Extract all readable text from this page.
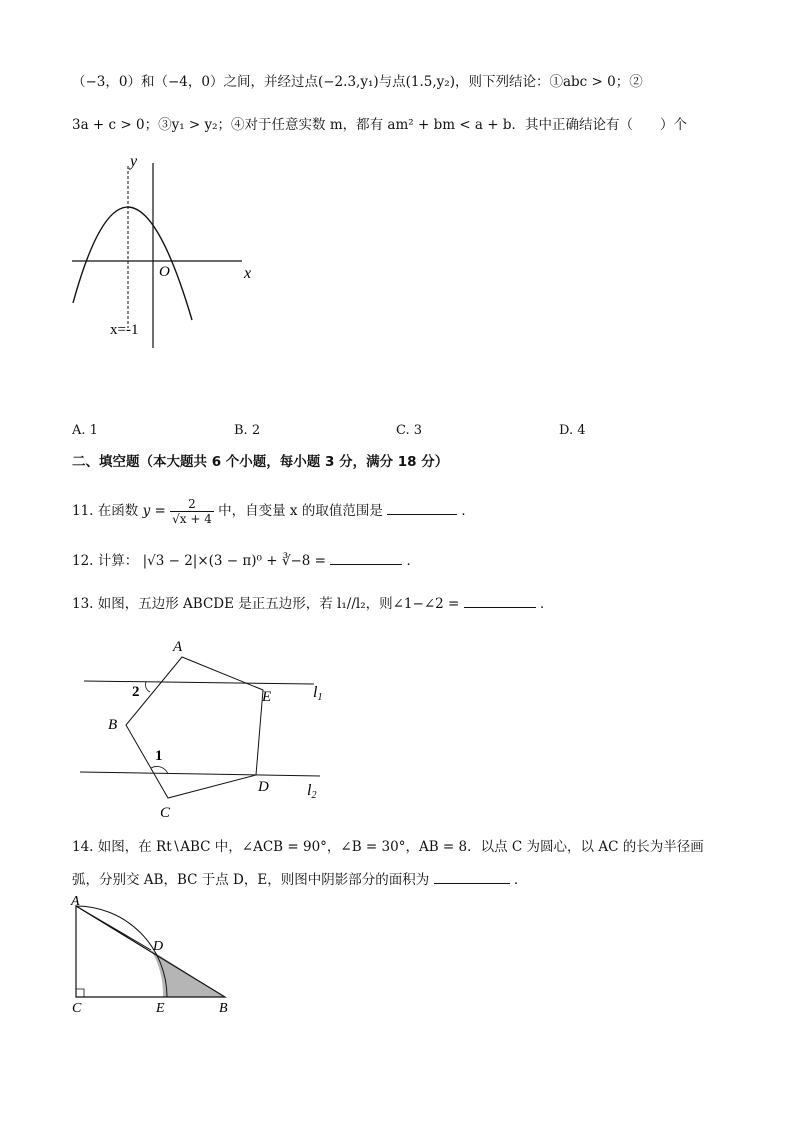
（−3，0）和（−4，0）之间，并经过点(−2.3,y₁)与点(1.5,y₂)，则下列结论：①abc > 0；②
3a + c > 0；③y₁ > y₂；④对于任意实数 m，都有 am² + bm < a + b．其中正确结论有（　　）个
y
x
O
x=-1
A. 1	B. 2	C. 3	D. 4
二、填空题（本大题共 6 个小题，每小题 3 分，满分 18 分）
11. 在函数 $y = \frac{2}{√x + 4}$ 中，自变量 x 的取值范围是	．
12. 计算： |√3 − 2|×(3 − π)⁰ + ∛−8 =	．
13. 如图，五边形 ABCDE 是正五边形，若 l₁//l₂，则∠1−∠2 =	．
A
E
B
D
C
2
1
l1
l2
14. 如图，在 Rt∖ABC 中，∠ACB = 90°，∠B = 30°，AB = 8．以点 C 为圆心，以 AC 的长为半径画
弧，分别交 AB，BC 于点 D，E，则图中阴影部分的面积为	．
A
D
C	E	B
